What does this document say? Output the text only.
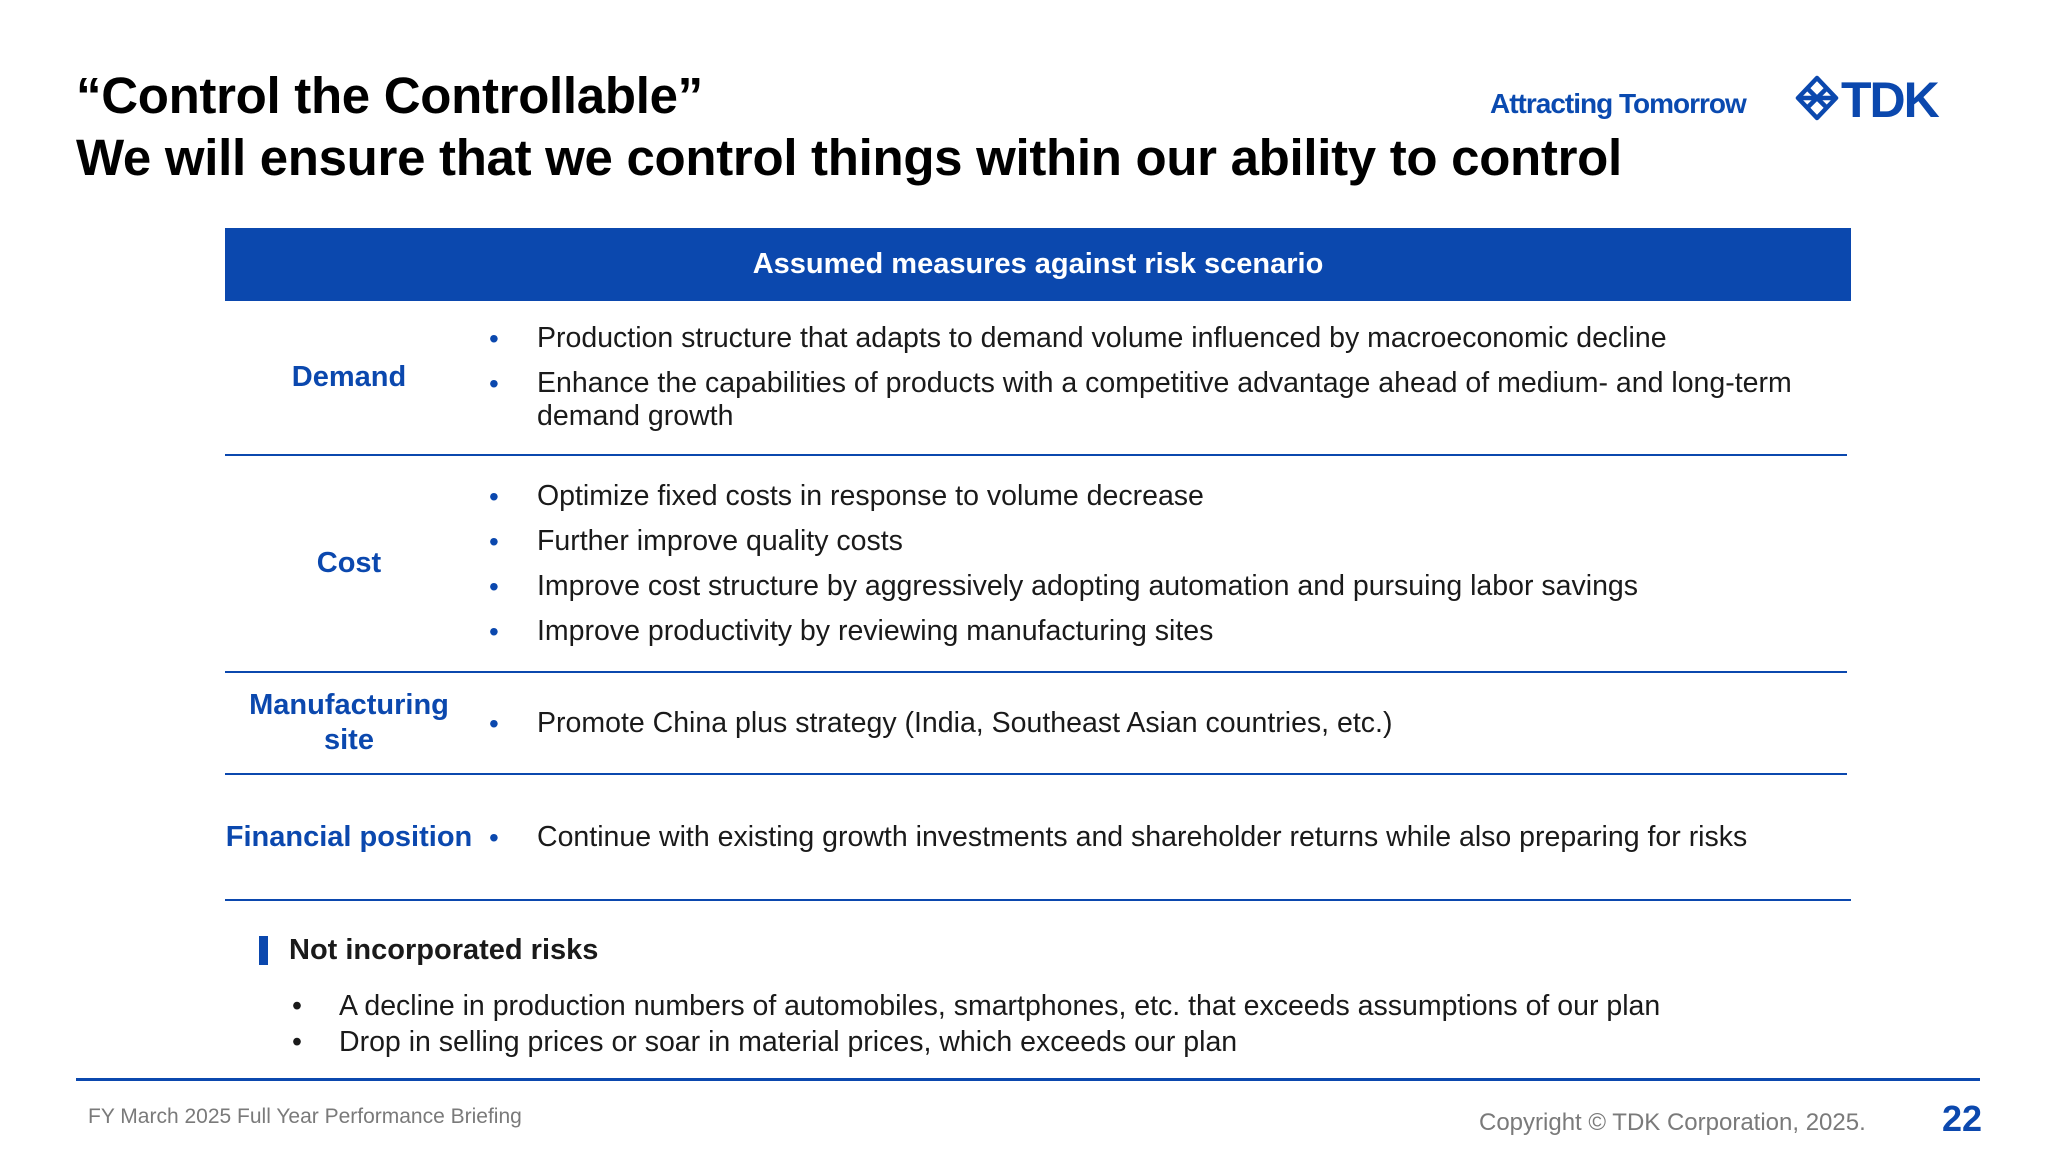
“Control the Controllable”
We will ensure that we control things within our ability to control
Attracting Tomorrow TDK
Assumed measures against risk scenario
Demand
• Production structure that adapts to demand volume influenced by macroeconomic decline
• Enhance the capabilities of products with a competitive advantage ahead of medium- and long-term demand growth
Cost
• Optimize fixed costs in response to volume decrease
• Further improve quality costs
• Improve cost structure by aggressively adopting automation and pursuing labor savings
• Improve productivity by reviewing manufacturing sites
Manufacturing site
• Promote China plus strategy (India, Southeast Asian countries, etc.)
Financial position • Continue with existing growth investments and shareholder returns while also preparing for risks
Not incorporated risks
• A decline in production numbers of automobiles, smartphones, etc. that exceeds assumptions of our plan
• Drop in selling prices or soar in material prices, which exceeds our plan
FY March 2025 Full Year Performance Briefing	Copyright © TDK Corporation, 2025. 22
